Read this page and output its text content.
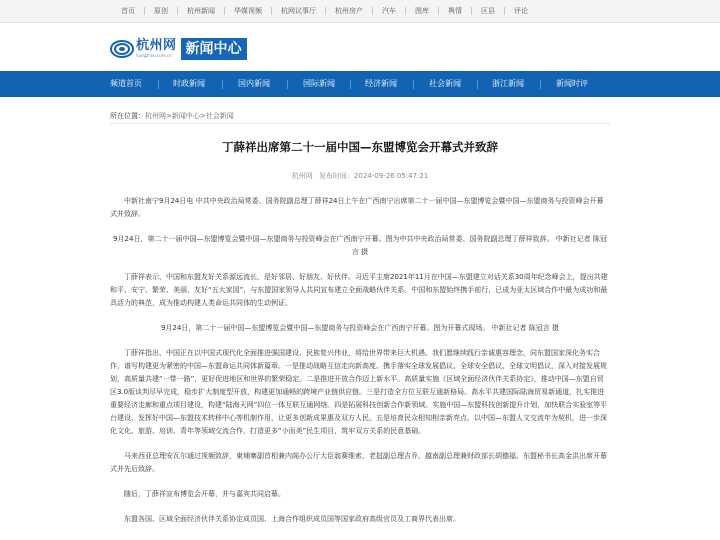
首页	原创	杭州新闻	华媒视频	杭网议事厅	杭州房产	汽车	图库	舆情	区县	评论
杭州网
hangzhou.com.cn	新闻中心
频道首页	时政新闻	国内新闻	国际新闻	经济新闻	社会新闻	浙江新闻	新闻时评
所在位置：杭州网>新闻中心>社会新闻
丁薛祥出席第二十一届中国—东盟博览会开幕式并致辞
杭州网 发布时间：2024-09-26 05:47:21

中新社南宁9月24日电 中共中央政治局常委、国务院副总理丁薛祥24日上午在广西南宁出席第二十一届中国—东盟博览会暨中国—东盟商务与投资峰会开幕式并致辞。

9月24日，第二十一届中国—东盟博览会暨中国—东盟商务与投资峰会在广西南宁开幕。图为中共中央政治局常委、国务院副总理丁薛祥致辞。 中新社记者 陈冠言 摄

丁薛祥表示，中国和东盟友好关系源远流长，是好邻居、好朋友、好伙伴。习近平主席2021年11月在中国—东盟建立对话关系30周年纪念峰会上，提出共建和平、安宁、繁荣、美丽、友好“五大家园”，与东盟国家领导人共同宣布建立全面战略伙伴关系。中国和东盟始终携手前行，已成为亚太区域合作中最为成功和最具活力的典范，成为推动构建人类命运共同体的生动例证。

9月24日，第二十一届中国—东盟博览会暨中国—东盟商务与投资峰会在广西南宁开幕。图为开幕式现场。 中新社记者 陈冠言 摄

丁薛祥指出，中国正在以中国式现代化全面推进强国建设、民族复兴伟业，将给世界带来巨大机遇。我们愿继续践行亲诚惠容理念，同东盟国家深化务实合作，谱写构建更为紧密的中国—东盟命运共同体新篇章。一是推动战略互信走向新高度。携手落实全球发展倡议、全球安全倡议、全球文明倡议，深入对接发展规划，高质量共建“一带一路”，更好促进地区和世界的繁荣稳定。二是推进开放合作迈上新水平。高质量实施《区域全面经济伙伴关系协定》，推动中国—东盟自贸区3.0版谈判尽早完成，稳步扩大制度型开放，构建更加通畅的跨境产业链供应链。三是打造全方位互联互通新格局。高水平共建国际陆海贸易新通道，扎实推进重要经济走廊和重点项目建设，构建“陆海天网”四位一体互联互通网络。四是拓展科技创新合作新领域。实施中国—东盟科技创新提升计划，加快联合实验室等平台建设，发挥好中国—东盟技术转移中心等机制作用，让更多创新成果惠及双方人民。五是培育民众相知相亲新亮点。以中国—东盟人文交流年为契机，进一步深化文化、旅游、培训、青年等领域交流合作，打造更多“小而美”民生项目，筑牢双方关系的民意基础。

马来西亚总理安瓦尔通过视频致辞，柬埔寨副首相兼内阁办公厅大臣翁赛维索、老挝副总理吉乔、越南副总理兼财政部长胡德福、东盟秘书长高金洪出席开幕式并先后致辞。

随后，丁薛祥宣布博览会开幕，并与嘉宾共同启幕。

东盟各国、区域全面经济伙伴关系协定成员国、上海合作组织成员国等国家政府高级官员及工商界代表出席。
